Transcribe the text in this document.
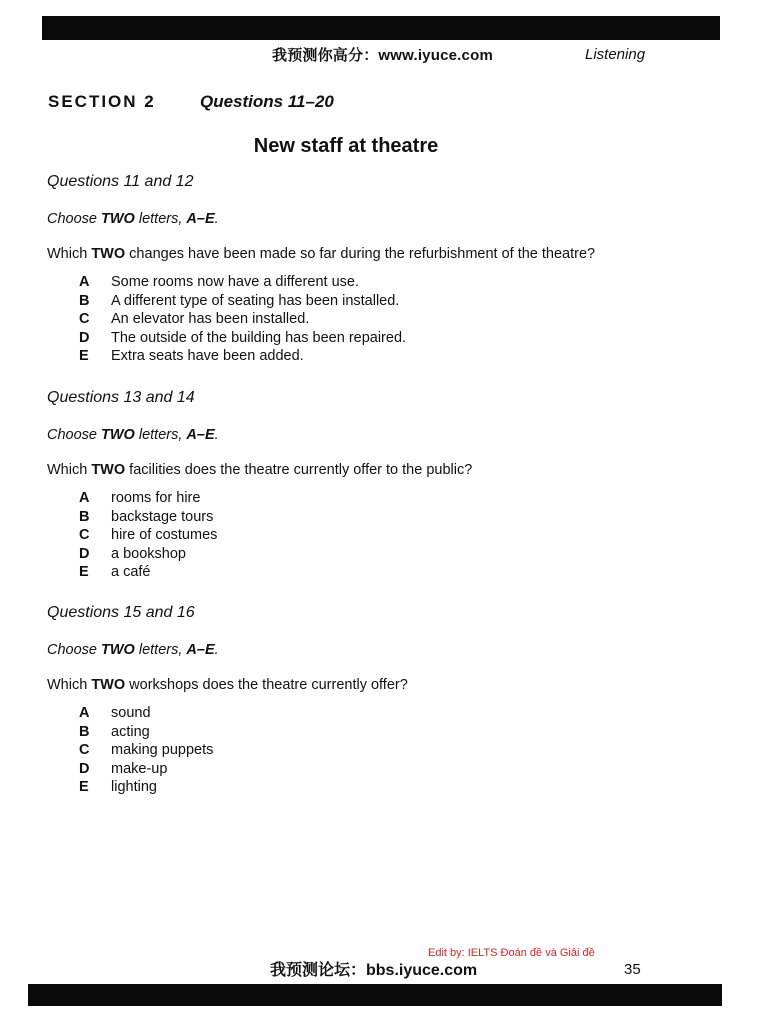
我预测你高分：www.iyuce.com	Listening
SECTION 2	Questions 11–20
New staff at theatre
Questions 11 and 12
Choose TWO letters, A–E.
Which TWO changes have been made so far during the refurbishment of the theatre?
A	Some rooms now have a different use.
B	A different type of seating has been installed.
C	An elevator has been installed.
D	The outside of the building has been repaired.
E	Extra seats have been added.
Questions 13 and 14
Choose TWO letters, A–E.
Which TWO facilities does the theatre currently offer to the public?
A	rooms for hire
B	backstage tours
C	hire of costumes
D	a bookshop
E	a café
Questions 15 and 16
Choose TWO letters, A–E.
Which TWO workshops does the theatre currently offer?
A	sound
B	acting
C	making puppets
D	make-up
E	lighting
Edit by: IELTS Đoán đề và Giải đề
我预测论坛：bbs.iyuce.com	35
